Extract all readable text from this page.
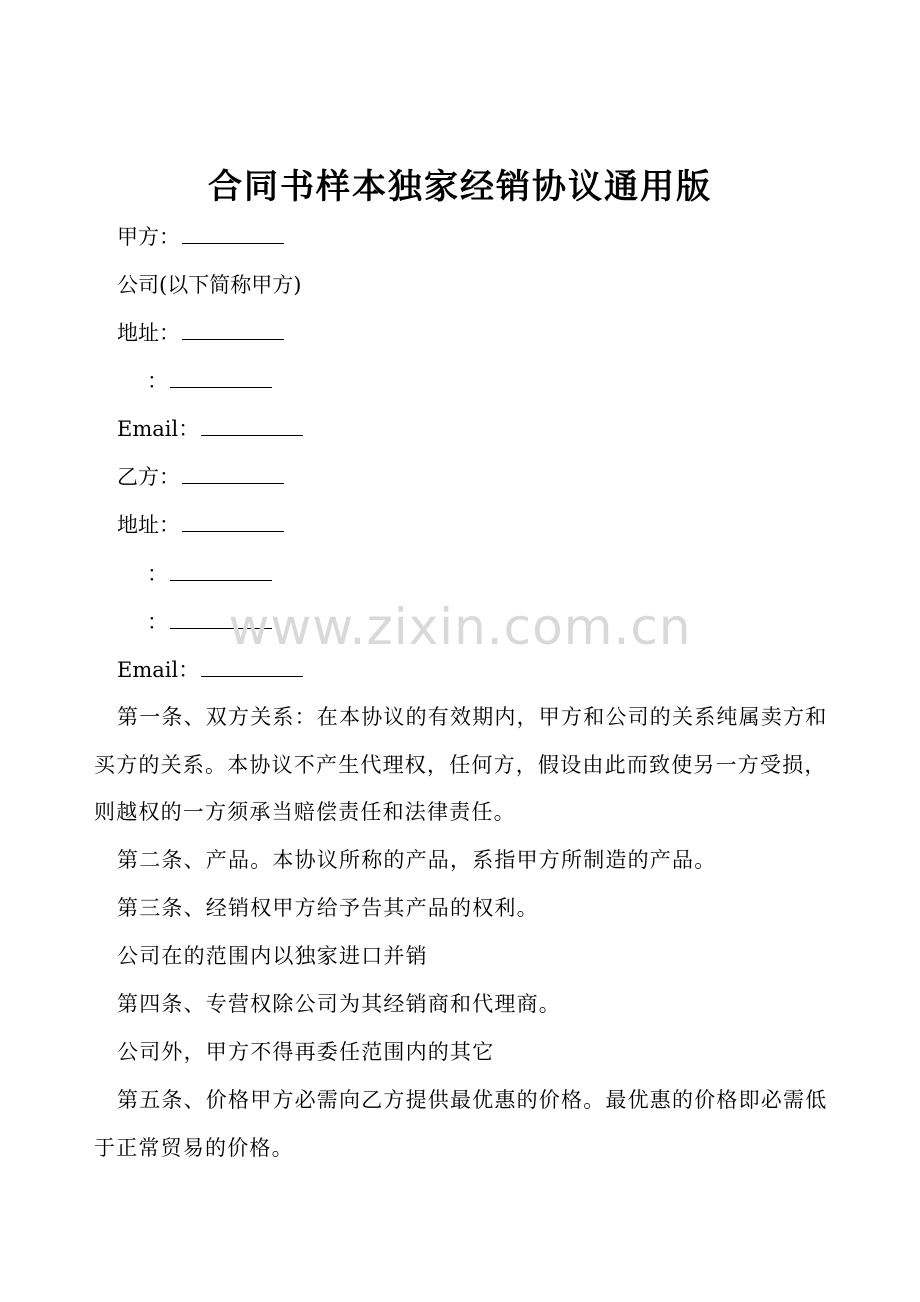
合同书样本独家经销协议通用版

甲方：

公司(以下简称甲方)

地址：

：

Email：

乙方：

地址：

：

：

Email：

第一条、双方关系：在本协议的有效期内，甲方和公司的关系纯属卖方和买方的关系。本协议不产生代理权，任何方，假设由此而致使另一方受损，则越权的一方须承当赔偿责任和法律责任。

第二条、产品。本协议所称的产品，系指甲方所制造的产品。

第三条、经销权甲方给予告其产品的权利。

公司在的范围内以独家进口并销

第四条、专营权除公司为其经销商和代理商。

公司外，甲方不得再委任范围内的其它

第五条、价格甲方必需向乙方提供最优惠的价格。最优惠的价格即必需低于正常贸易的价格。

www.zixin.com.cn
